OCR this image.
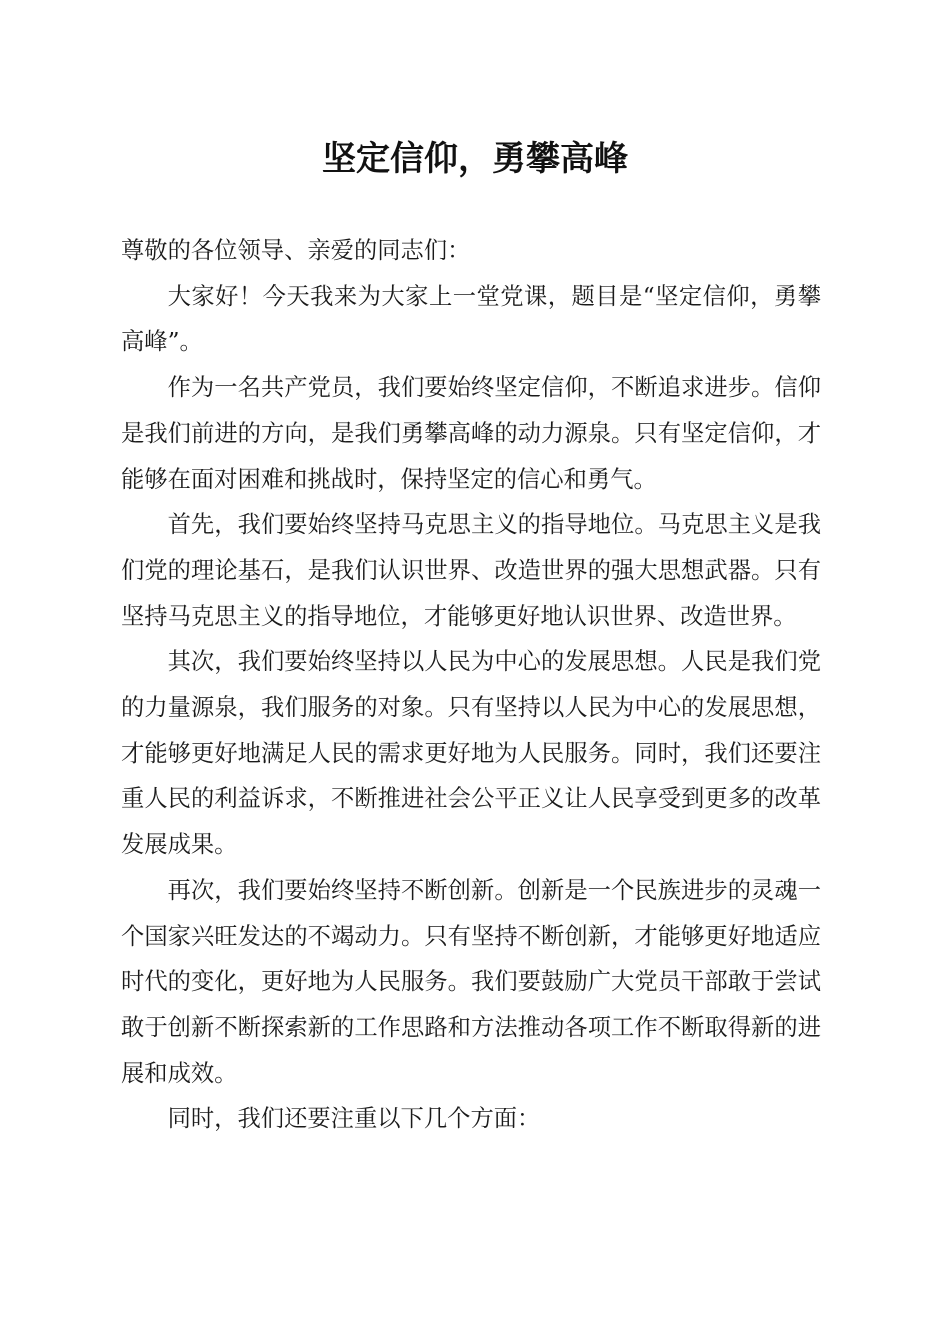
坚定信仰，勇攀高峰

尊敬的各位领导、亲爱的同志们：

大家好！今天我来为大家上一堂党课，题目是“坚定信仰，勇攀高峰”。

作为一名共产党员，我们要始终坚定信仰，不断追求进步。信仰是我们前进的方向，是我们勇攀高峰的动力源泉。只有坚定信仰，才能够在面对困难和挑战时，保持坚定的信心和勇气。

首先，我们要始终坚持马克思主义的指导地位。马克思主义是我们党的理论基石，是我们认识世界、改造世界的强大思想武器。只有坚持马克思主义的指导地位，才能够更好地认识世界、改造世界。

其次，我们要始终坚持以人民为中心的发展思想。人民是我们党的力量源泉，我们服务的对象。只有坚持以人民为中心的发展思想，才能够更好地满足人民的需求更好地为人民服务。同时，我们还要注重人民的利益诉求，不断推进社会公平正义让人民享受到更多的改革发展成果。

再次，我们要始终坚持不断创新。创新是一个民族进步的灵魂一个国家兴旺发达的不竭动力。只有坚持不断创新，才能够更好地适应时代的变化，更好地为人民服务。我们要鼓励广大党员干部敢于尝试敢于创新不断探索新的工作思路和方法推动各项工作不断取得新的进展和成效。

同时，我们还要注重以下几个方面：
